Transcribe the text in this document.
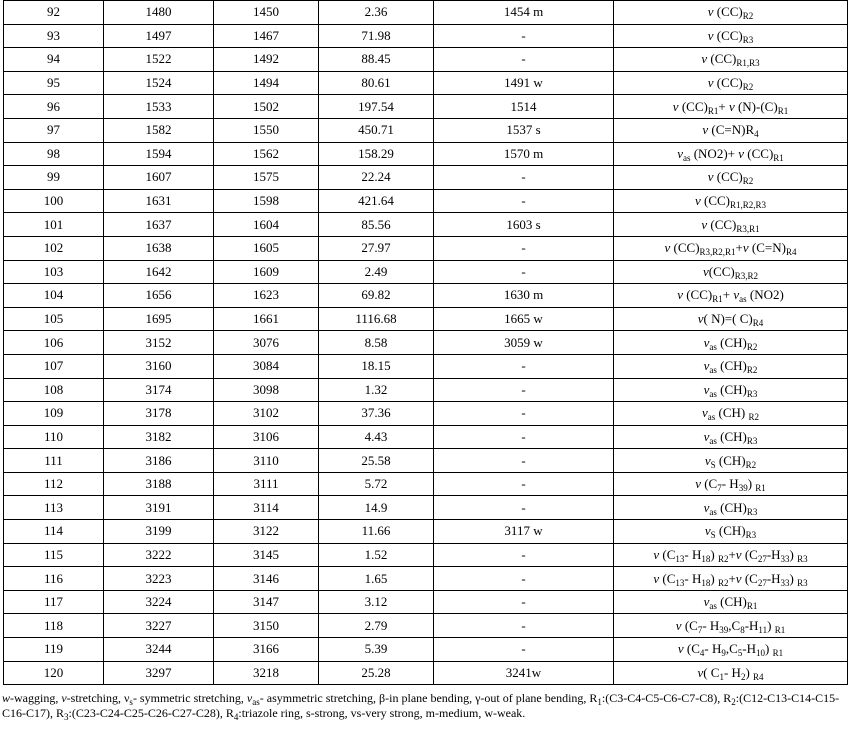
92	1480	1450	2.36	1454 m	ν $(CC)_{R2}$
93	1497	1467	71.98	-	ν $(CC)_{R3}$
94	1522	1492	88.45	-	ν $(CC)_{R1,R3}$
95	1524	1494	80.61	1491 w	ν $(CC)_{R2}$
96	1533	1502	197.54	1514	ν $(CC)_{R1}+ \nu$ $(N)-(C)_{R1}$
97	1582	1550	450.71	1537 s	ν $(C=N)R_4$
98	1594	1562	158.29	1570 m	$\nu_{as}$ (NO2)+ ν $(CC)_{R1}$
99	1607	1575	22.24	-	ν $(CC)_{R2}$
100	1631	1598	421.64	-	ν $(CC)_{R1,R2,R3}$
101	1637	1604	85.56	1603 s	ν $(CC)_{R3,R1}$
102	1638	1605	27.97	-	ν $(CC)_{R3,R2,R1}+\nu$ $(C=N)_{R4}$
103	1642	1609	2.49	-	$\nu(CC)_{R3,R2}$
104	1656	1623	69.82	1630 m	ν $(CC)_{R1}+ \nu_{as}$ (NO2)
105	1695	1661	1116.68	1665 w	ν( N)=( $C)_{R4}$
106	3152	3076	8.58	3059 w	$\nu_{as}$ $(CH)_{R2}$
107	3160	3084	18.15	-	$\nu_{as}$ $(CH)_{R2}$
108	3174	3098	1.32	-	$\nu_{as}$ $(CH)_{R3}$
109	3178	3102	37.36	-	$\nu_{as}$ (CH) $_{R2}$
110	3182	3106	4.43	-	$\nu_{as}$ $(CH)_{R3}$
111	3186	3110	25.58	-	$\nu_S$ $(CH)_{R2}$
112	3188	3111	5.72	-	ν ($C_7-$ $H_{39}$) $_{R1}$
113	3191	3114	14.9	-	$\nu_{as}$ $(CH)_{R3}$
114	3199	3122	11.66	3117 w	$\nu_S$ $(CH)_{R3}$
115	3222	3145	1.52	-	ν ($C_{13}-$ $H_{18}$) $_{R2}$+ν $(C_{27}-H_{33})$ $_{R3}$
116	3223	3146	1.65	-	ν ($C_{13}-$ $H_{18}$) $_{R2}$+ν $(C_{27}-H_{33})$ $_{R3}$
117	3224	3147	3.12	-	$\nu_{as}$ $(CH)_{R1}$
118	3227	3150	2.79	-	ν ($C_7-$ $H_{39},C_8-H_{11}$) $_{R1}$
119	3244	3166	5.39	-	ν ($C_4-$ $H_9,C_5-H_{10}$) $_{R1}$
120	3297	3218	25.28	3241w	ν( $C_1-$ $H_2$) $_{R4}$
w-wagging, ν-stretching, $\nu_s-$ symmetric stretching, $\nu_{as}-$ asymmetric stretching, β-in plane bending, γ-out of plane bending, $R_1:(C3-C4-C5-C6-C7-C8)$, $R_2:(C12-C13-C14-C15-C16-C17)$, $R_3:(C23-C24-C25-C26-C27-C28)$, $R_4:triazole$ ring, s-strong, vs-very strong, m-medium, w-weak.
